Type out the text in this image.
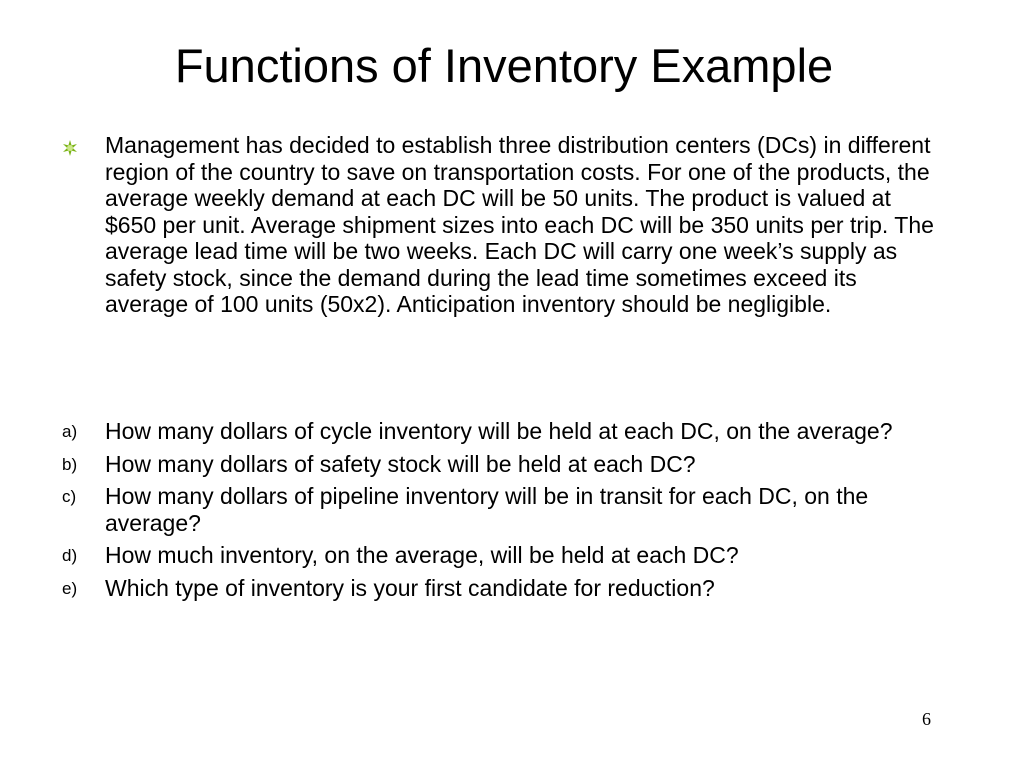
Functions of Inventory Example

Management has decided to establish three distribution centers (DCs) in different region of the country to save on transportation costs. For one of the products, the average weekly demand at each DC will be 50 units. The product is valued at $650 per unit. Average shipment sizes into each DC will be 350 units per trip. The average lead time will be two weeks. Each DC will carry one week’s supply as safety stock, since the demand during the lead time sometimes exceed its average of 100 units (50x2). Anticipation inventory should be negligible.

a) How many dollars of cycle inventory will be held at each DC, on the average?
b) How many dollars of safety stock will be held at each DC?
c) How many dollars of pipeline inventory will be in transit for each DC, on the average?
d) How much inventory, on the average, will be held at each DC?
e) Which type of inventory is your first candidate for reduction?
6
